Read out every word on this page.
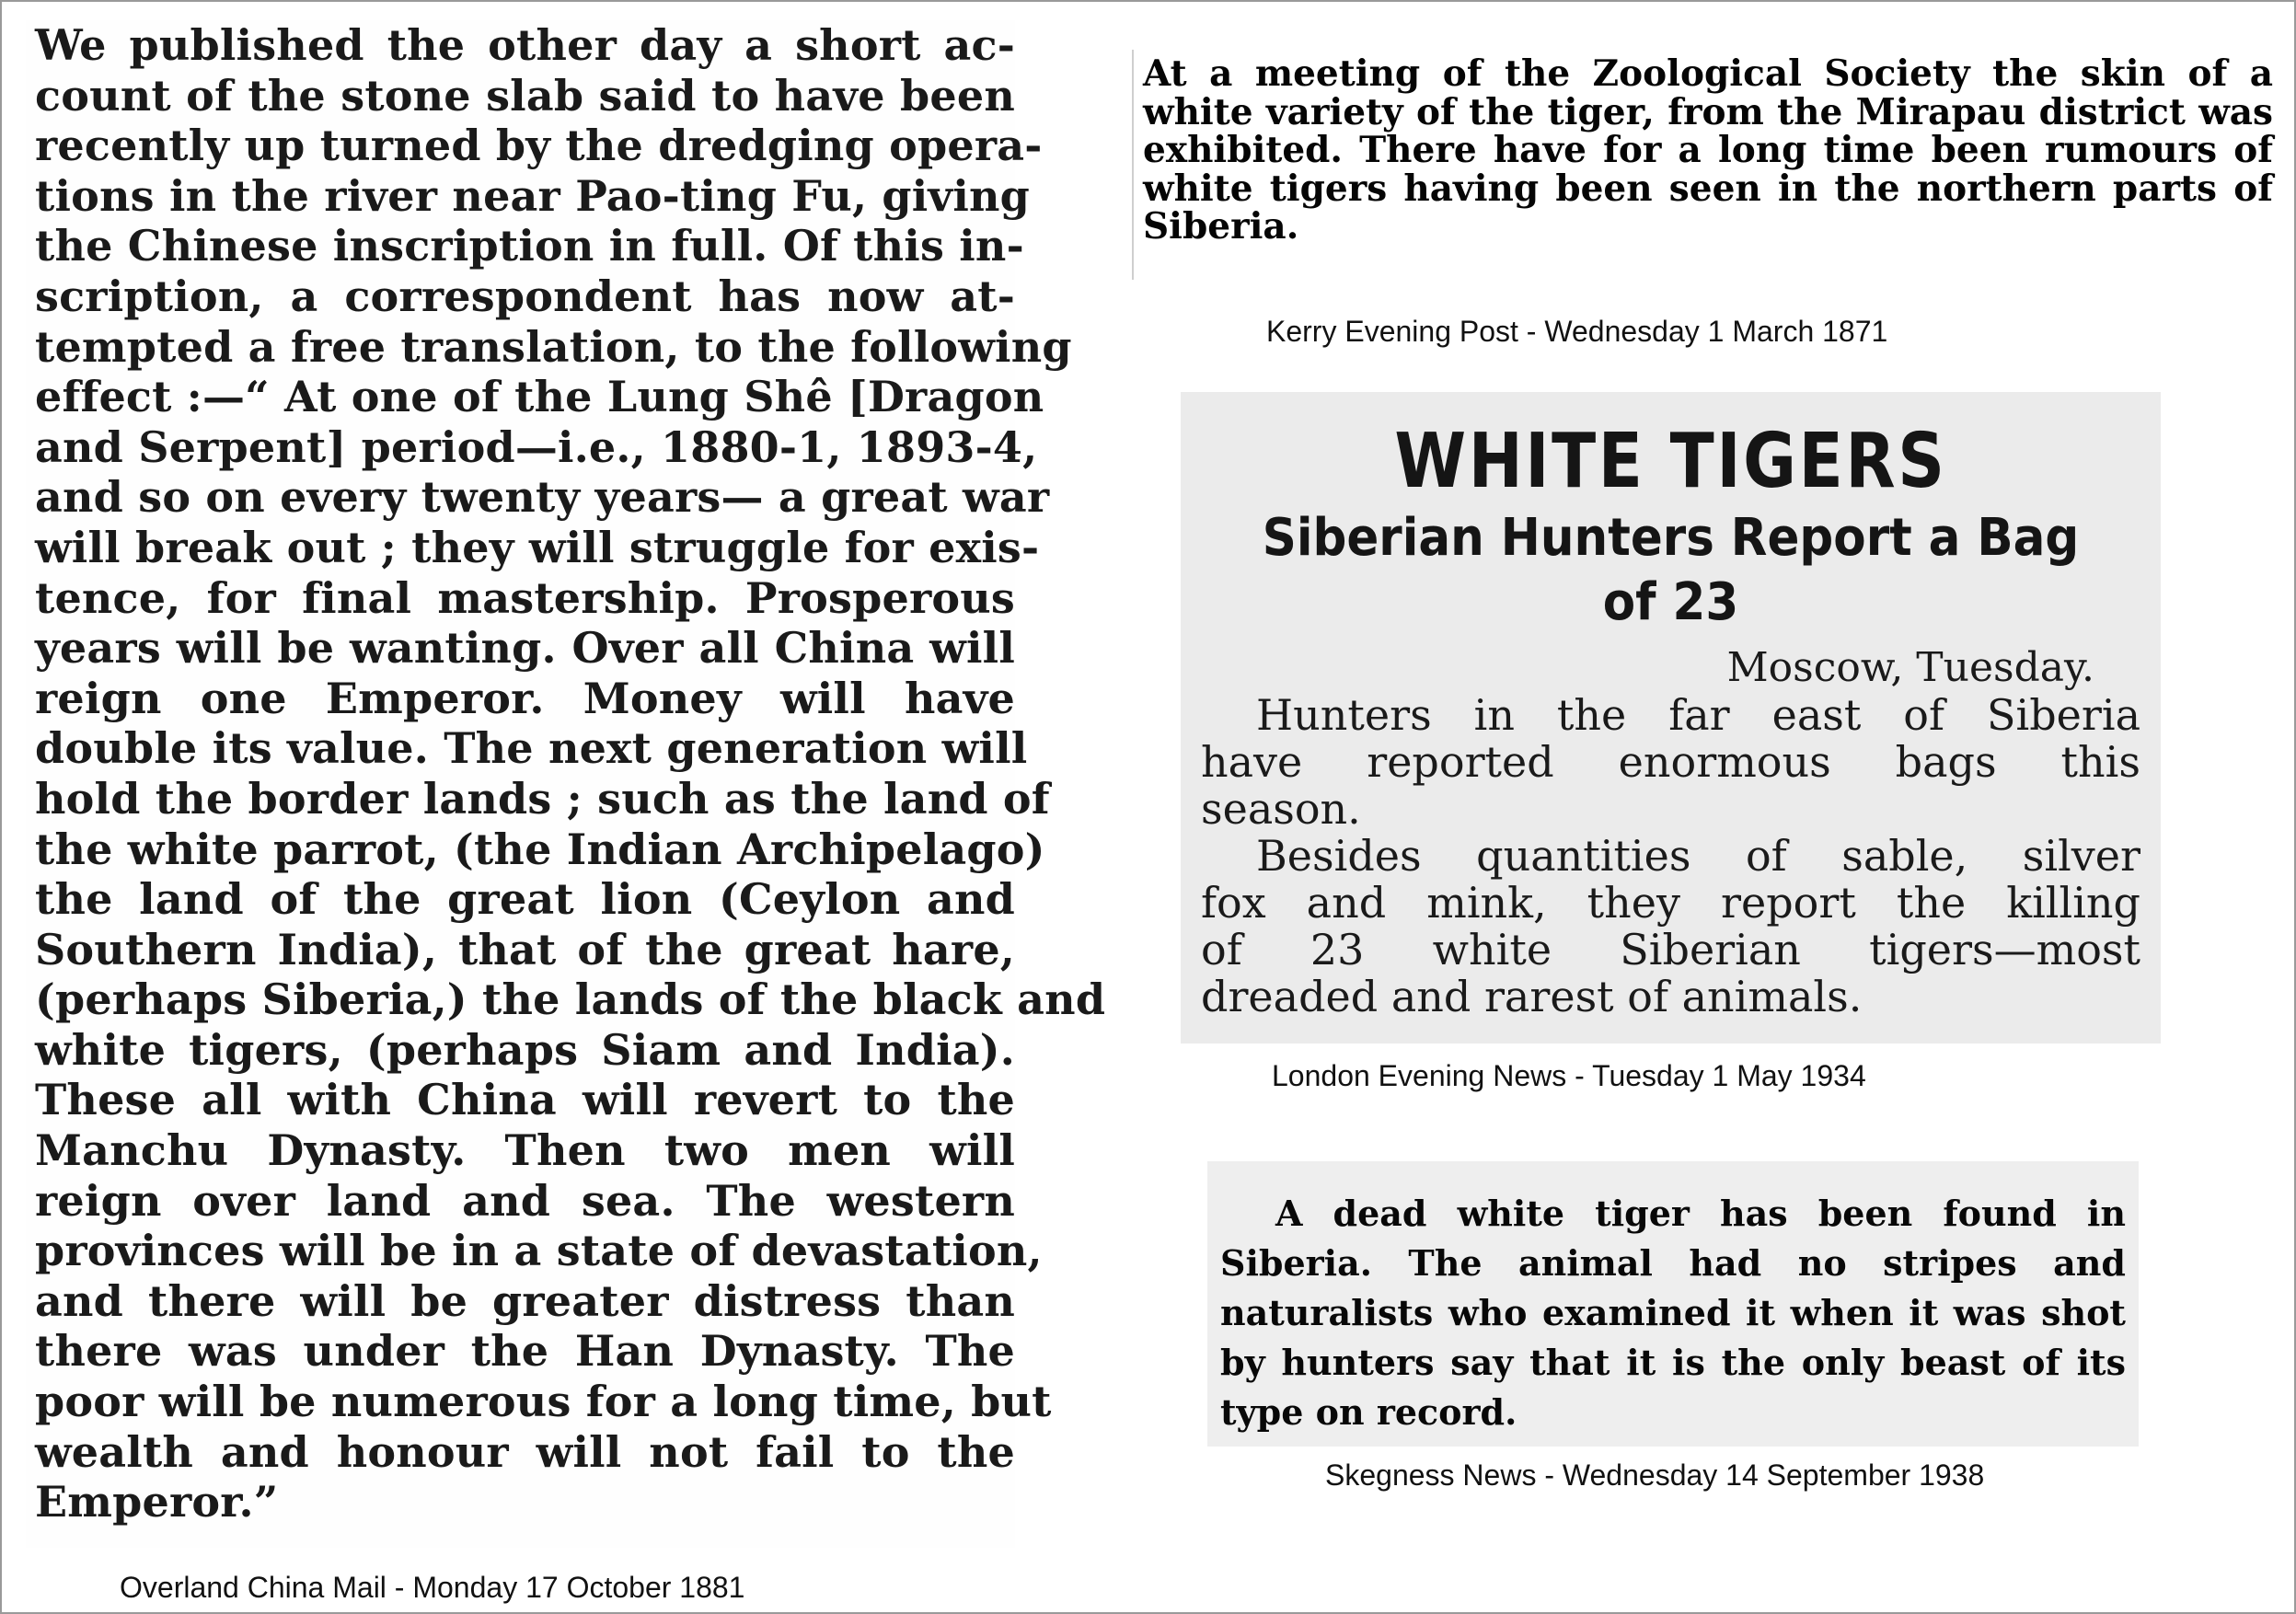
We published the other day a short ac-
count of the stone slab said to have been
recently up turned by the dredging opera-
tions in the river near Pao-ting Fu, giving
the Chinese inscription in full. Of this in-
scription, a correspondent has now at-
tempted a free translation, to the following
effect :—“ At one of the Lung Shê [Dragon
and Serpent] period—i.e., 1880-1, 1893-4,
and so on every twenty years— a great war
will break out ; they will struggle for exis-
tence, for final mastership. Prosperous
years will be wanting. Over all China will
reign one Emperor. Money will have
double its value. The next generation will
hold the border lands ; such as the land of
the white parrot, (the Indian Archipelago)
the land of the great lion (Ceylon and
Southern India), that of the great hare,
(perhaps Siberia,) the lands of the black and
white tigers, (perhaps Siam and India).
These all with China will revert to the
Manchu Dynasty. Then two men will
reign over land and sea. The western
provinces will be in a state of devastation,
and there will be greater distress than
there was under the Han Dynasty. The
poor will be numerous for a long time, but
wealth and honour will not fail to the
Emperor.”
Overland China Mail - Monday 17 October 1881
At a meeting of the Zoological Society the skin of a
white variety of the tiger, from the Mirapau district was
exhibited. There have for a long time been rumours of
white tigers having been seen in the northern parts of
Siberia.
Kerry Evening Post - Wednesday 1 March 1871
WHITE TIGERS
Siberian Hunters Report a Bag
of 23
Moscow, Tuesday.
Hunters in the far east of Siberia
have reported enormous bags this
season.
Besides quantities of sable, silver
fox and mink, they report the killing
of 23 white Siberian tigers—most
dreaded and rarest of animals.
London Evening News - Tuesday 1 May 1934
A dead white tiger has been found in
Siberia. The animal had no stripes and
naturalists who examined it when it was shot
by hunters say that it is the only beast of its
type on record.
Skegness News - Wednesday 14 September 1938
